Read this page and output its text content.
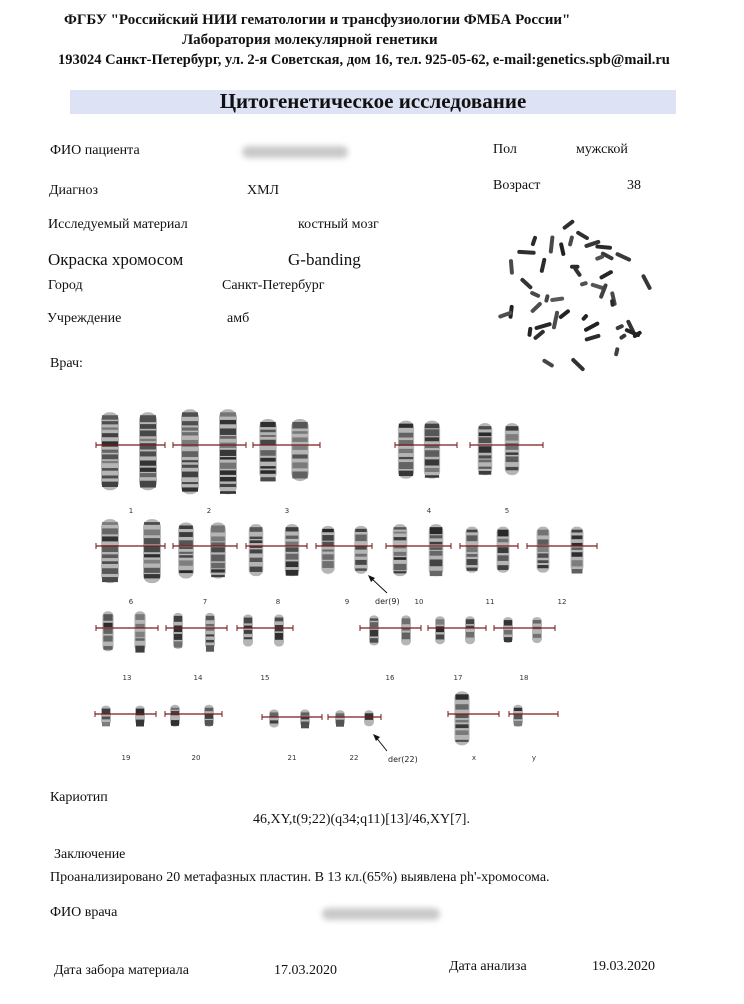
ФГБУ "Российский НИИ гематологии и трансфузиологии ФМБА России"
Лаборатория молекулярной генетики
193024 Санкт-Петербург, ул. 2-я Советская, дом 16, тел. 925-05-62, e-mail:genetics.spb@mail.ru
Цитогенетическое исследование
ФИО пациента	Пол	мужской
Диагноз	ХМЛ	Возраст	38
Исследуемый материал	костный мозг
Окраска хромосом	G-banding
Город	Санкт-Петербург
Учреждение	амб
Врач:
1	2	3	4	5
6	7	8	9	10	11	12
13	14	15	16	17	18
19	20	21	22	x	y
der(9)
der(22)
Кариотип
46,XY,t(9;22)(q34;q11)[13]/46,XY[7].
Заключение
Проанализировано 20 метафазных пластин. В 13 кл.(65%) выявлена ph'-хромосома.
ФИО врача
Дата забора материала	17.03.2020	Дата анализа	19.03.2020
